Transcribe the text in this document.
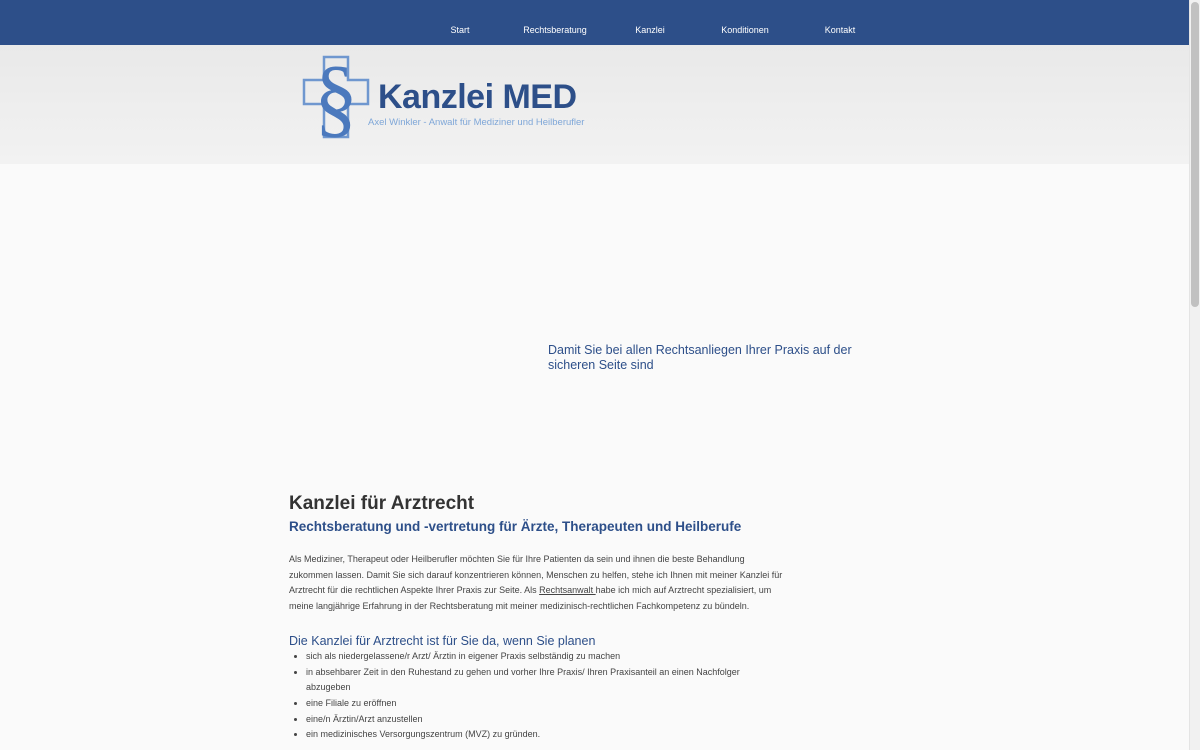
Start	Rechtsberatung	Kanzlei	Konditionen	Kontakt
§ Kanzlei MED
Axel Winkler - Anwalt für Mediziner und Heilberufler
Damit Sie bei allen Rechtsanliegen Ihrer Praxis auf der sicheren Seite sind
Kanzlei für Arztrecht
Rechtsberatung und -vertretung für Ärzte, Therapeuten und Heilberufe

Als Mediziner, Therapeut oder Heilberufler möchten Sie für Ihre Patienten da sein und ihnen die beste Behandlung zukommen lassen. Damit Sie sich darauf konzentrieren können, Menschen zu helfen, stehe ich Ihnen mit meiner Kanzlei für Arztrecht für die rechtlichen Aspekte Ihrer Praxis zur Seite. Als Rechtsanwalt habe ich mich auf Arztrecht spezialisiert, um meine langjährige Erfahrung in der Rechtsberatung mit meiner medizinisch-rechtlichen Fachkompetenz zu bündeln.

Die Kanzlei für Arztrecht ist für Sie da, wenn Sie planen
• sich als niedergelassene/r Arzt/ Ärztin in eigener Praxis selbständig zu machen
• in absehbarer Zeit in den Ruhestand zu gehen und vorher Ihre Praxis/ Ihren Praxisanteil an einen Nachfolger abzugeben
• eine Filiale zu eröffnen
• eine/n Ärztin/Arzt anzustellen
• ein medizinisches Versorgungszentrum (MVZ) zu gründen.
